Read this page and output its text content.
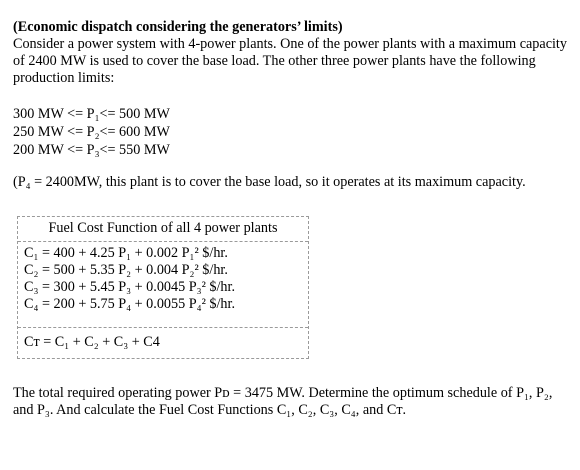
(Economic dispatch considering the generators’ limits)

Consider a power system with 4-power plants. One of the power plants with a maximum capacity of 2400 MW is used to cover the base load. The other three power plants have the following production limits:

300 MW <= P₁<= 500 MW
250 MW <= P₂<= 600 MW
200 MW <= P₃<= 550 MW

(P₄ = 2400MW, this plant is to cover the base load, so it operates at its maximum capacity.

Fuel Cost Function of all 4 power plants
C₁ = 400 + 4.25 P₁ + 0.002 P₁² $/hr.
C₂ = 500 + 5.35 P₂ + 0.004 P₂² $/hr.
C₃ = 300 + 5.45 P₃ + 0.0045 P₃² $/hr.
C₄ = 200 + 5.75 P₄ + 0.0055 P₄² $/hr.
Cᴛ = C₁ + C₂ + C₃ + C4

The total required operating power Pᴅ = 3475 MW. Determine the optimum schedule of P₁, P₂, and P₃. And calculate the Fuel Cost Functions C₁, C₂, C₃, C₄, and Cᴛ.
